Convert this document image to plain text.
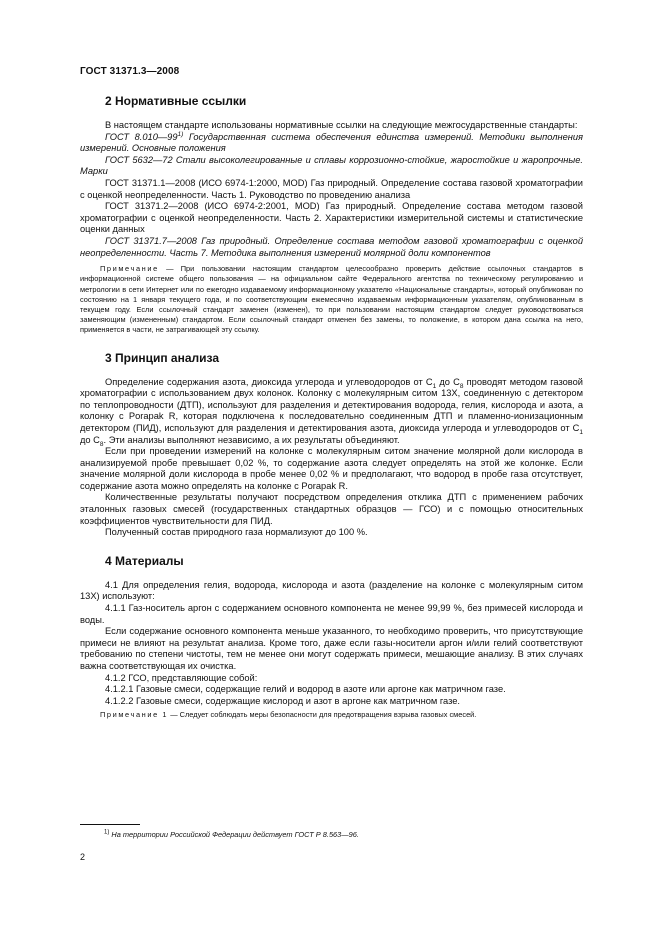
ГОСТ 31371.3—2008
2 Нормативные ссылки

В настоящем стандарте использованы нормативные ссылки на следующие межгосударственные стандарты:

ГОСТ 8.010—99$^{1)}$ Государственная система обеспечения единства измерений. Методики выполнения измерений. Основные положения

ГОСТ 5632—72 Стали высоколегированные и сплавы коррозионно-стойкие, жаростойкие и жаропрочные. Марки

ГОСТ 31371.1—2008 (ИСО 6974-1:2000, MOD) Газ природный. Определение состава газовой хроматографии с оценкой неопределенности. Часть 1. Руководство по проведению анализа

ГОСТ 31371.2—2008 (ИСО 6974-2:2001, MOD) Газ природный. Определение состава методом газовой хроматографии с оценкой неопределенности. Часть 2. Характеристики измерительной системы и статистические оценки данных

ГОСТ 31371.7—2008 Газ природный. Определение состава методом газовой хроматографии с оценкой неопределенности. Часть 7. Методика выполнения измерений молярной доли компонентов

Примечание — При пользовании настоящим стандартом целесообразно проверить действие ссылочных стандартов в информационной системе общего пользования — на официальном сайте Федерального агентства по техническому регулированию и метрологии в сети Интернет или по ежегодно издаваемому информационному указателю «Национальные стандарты», который опубликован по состоянию на 1 января текущего года, и по соответствующим ежемесячно издаваемым информационным указателям, опубликованным в текущем году. Если ссылочный стандарт заменен (изменен), то при пользовании настоящим стандартом следует руководствоваться заменяющим (измененным) стандартом. Если ссылочный стандарт отменен без замены, то положение, в котором дана ссылка на него, применяется в части, не затрагивающей эту ссылку.

3 Принцип анализа

Определение содержания азота, диоксида углерода и углеводородов от $С_1$ до $С_8$ проводят методом газовой хроматографии с использованием двух колонок. Колонку с молекулярным ситом 13Х, соединенную с детектором по теплопроводности (ДТП), используют для разделения и детектирования водорода, гелия, кислорода и азота, а колонку с Porapak R, которая подключена к последовательно соединенным ДТП и пламенно-ионизационным детектором (ПИД), используют для разделения и детектирования азота, диоксида углерода и углеводородов от $С_1$ до $С_8$. Эти анализы выполняют независимо, а их результаты объединяют.

Если при проведении измерений на колонке с молекулярным ситом значение молярной доли кислорода в анализируемой пробе превышает 0,02 %, то содержание азота следует определять на этой же колонке. Если значение молярной доли кислорода в пробе менее 0,02 % и предполагают, что водород в пробе газа отсутствует, содержание азота можно определять на колонке с Porapak R.

Количественные результаты получают посредством определения отклика ДТП с применением рабочих эталонных газовых смесей (государственных стандартных образцов — ГСО) и с помощью относительных коэффициентов чувствительности для ПИД.

Полученный состав природного газа нормализуют до 100 %.

4 Материалы

4.1 Для определения гелия, водорода, кислорода и азота (разделение на колонке с молекулярным ситом 13Х) используют:

4.1.1 Газ-носитель аргон с содержанием основного компонента не менее 99,99 %, без примесей кислорода и воды.

Если содержание основного компонента меньше указанного, то необходимо проверить, что присутствующие примеси не влияют на результат анализа. Кроме того, даже если газы-носители аргон и/или гелий соответствуют требованию по степени чистоты, тем не менее они могут содержать примеси, мешающие анализу. В этих случаях важна соответствующая их очистка.

4.1.2 ГСО, представляющие собой:

4.1.2.1 Газовые смеси, содержащие гелий и водород в азоте или аргоне как матричном газе.

4.1.2.2 Газовые смеси, содержащие кислород и азот в аргоне как матричном газе.

Примечание 1 — Следует соблюдать меры безопасности для предотвращения взрыва газовых смесей.

$^{1)}$ На территории Российской Федерации действует ГОСТ Р 8.563—96.
2
